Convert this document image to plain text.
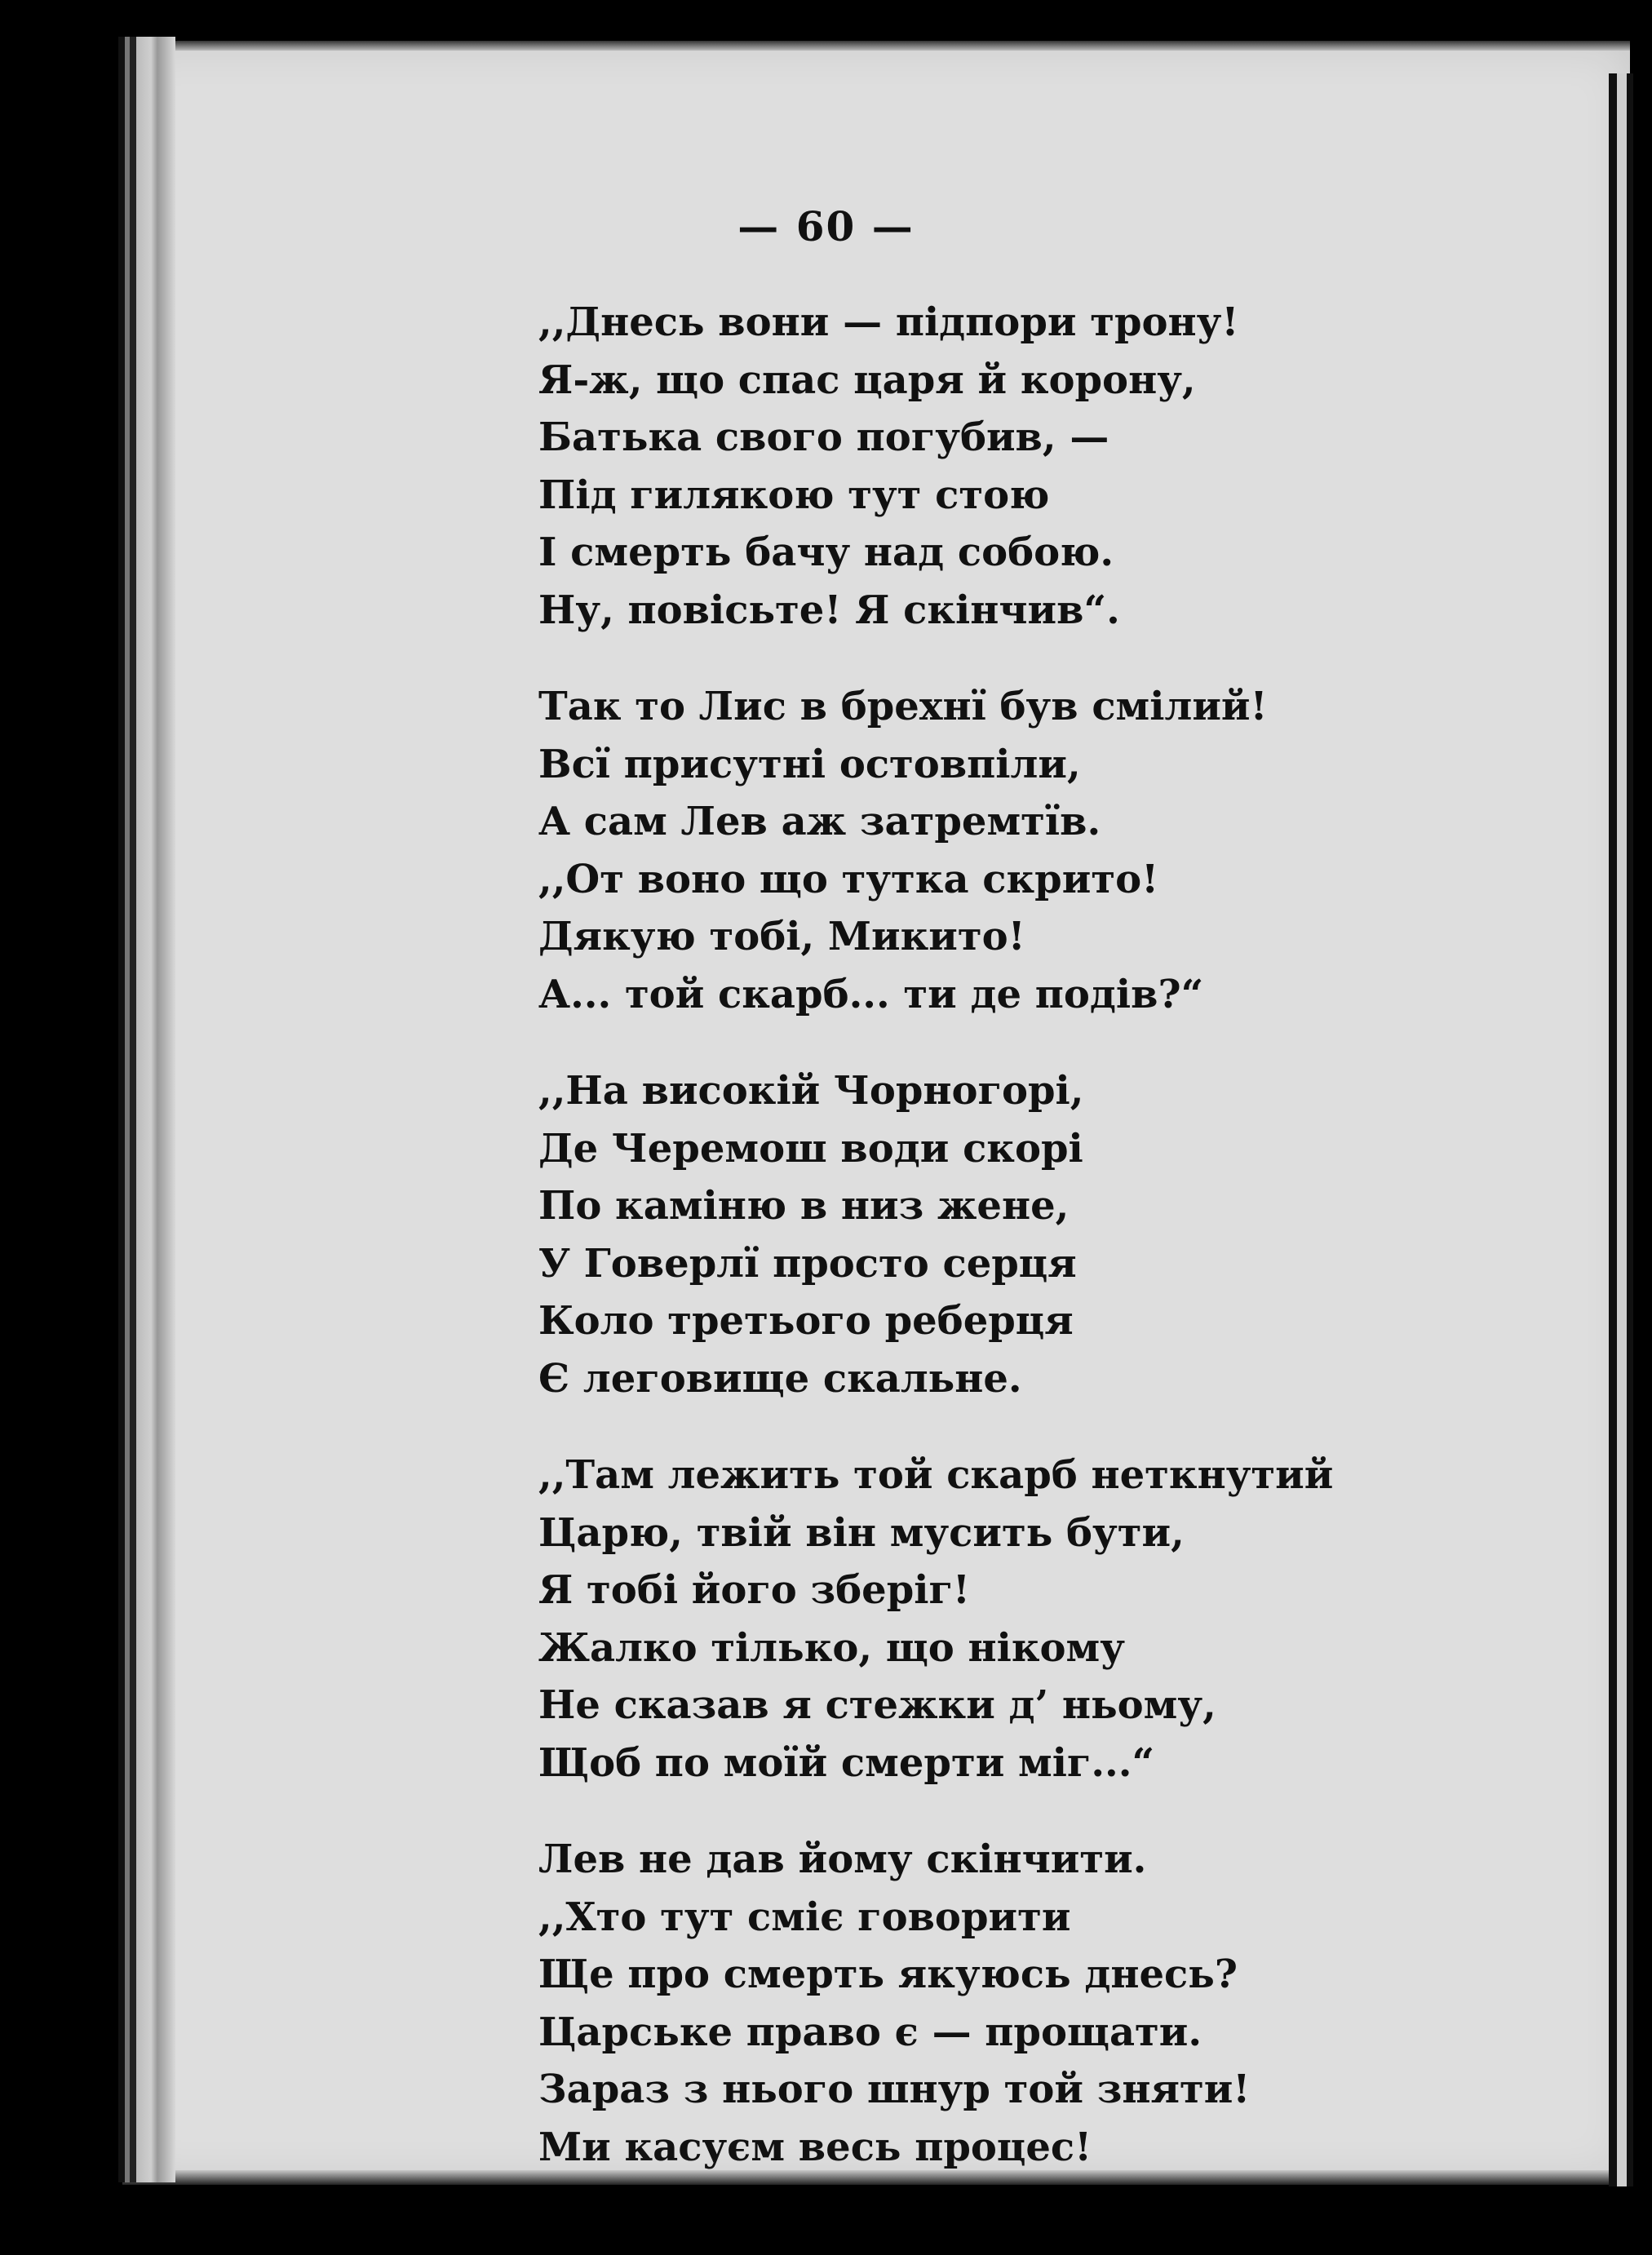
— 60 —
,,Днесь вони — підпори трону!
Я-ж, що спас царя й корону,
Батька свого погубив, —
Під гилякою тут стою
І смерть бачу над собою.
Ну, повісьте! Я скінчив“.
Так то Лис в брехнї був смілий!
Всї присутні остовпіли,
А сам Лев аж затремтїв.
,,От воно що тутка скрито!
Дякую тобі, Микито!
А... той скарб... ти де подів?“
,,На високій Чорногорі,
Де Черемош води скорі
По каміню в низ жене,
У Говерлї просто серця
Коло третього реберця
Є леговище скальне.
,,Там лежить той скарб неткнутий
Царю, твій він мусить бути,
Я тобі його зберіг!
Жалко тілько, що нікому
Не сказав я стежки д’ ньому,
Щоб по моїй смерти міг...“
Лев не дав йому скінчити.
,,Хто тут сміє говорити
Ще про смерть якуюсь днесь?
Царське право є — прощати.
Зараз з нього шнур той зняти!
Ми касуєм весь процес!
